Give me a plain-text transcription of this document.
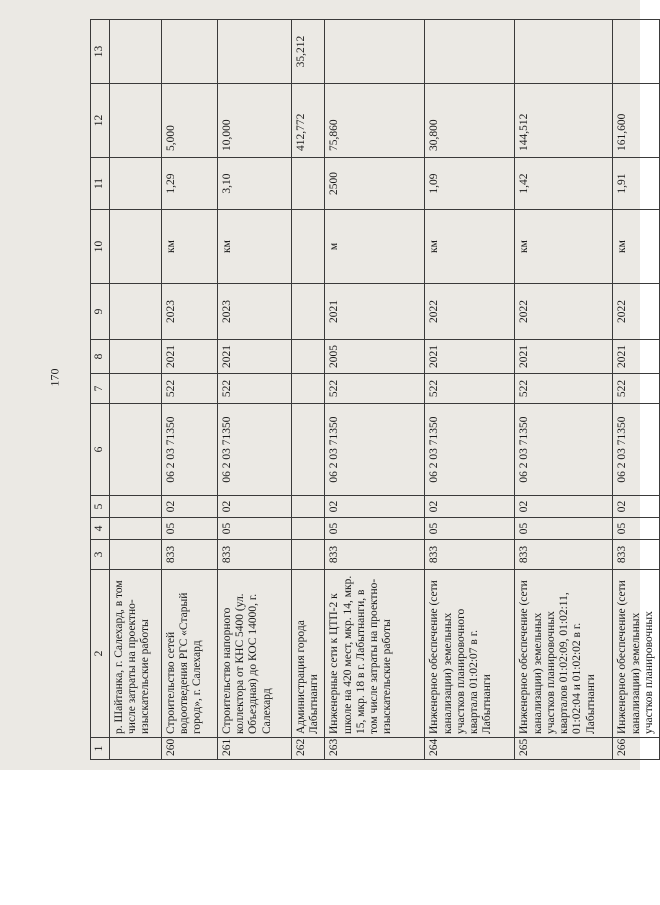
170
1	2	3	4	5	6	7	8	9	10	11	12	13
	р. Шайтанка, г. Салехард, в том числе затраты на проектно-изыскательские работы											
260	Строительство сетей водоотведения РГС «Старый город», г. Салехард	833	05	02	06 2 03 71350	522	2021	2023	км	1,29	5,000	
261	Строительство напорного коллектора от КНС 5400 (ул. Объездная) до КОС 14000, г. Салехард	833	05	02	06 2 03 71350	522	2021	2023	км	3,10	10,000	
262	Администрация города Лабытнанги										412,772	35,212
263	Инженерные сети к ЦТП-2 к школе на 420 мест, мкр. 14, мкр. 15, мкр. 18 в г. Лабытнанги, в том числе затраты на проектно-изыскательские работы	833	05	02	06 2 03 71350	522	2005	2021	м	2500	75,860	
264	Инженерное обеспечение (сети канализации) земельных участков планировочного квартала 01:02:07 в г. Лабытнанги	833	05	02	06 2 03 71350	522	2021	2022	км	1,09	30,800	
265	Инженерное обеспечение (сети канализации) земельных участков планировочных кварталов 01:02:09, 01:02:11, 01:02:04 и 01:02:02 в г. Лабытнанги	833	05	02	06 2 03 71350	522	2021	2022	км	1,42	144,512	
266	Инженерное обеспечение (сети канализации) земельных участков планировочных	833	05	02	06 2 03 71350	522	2021	2022	км	1,91	161,600	
